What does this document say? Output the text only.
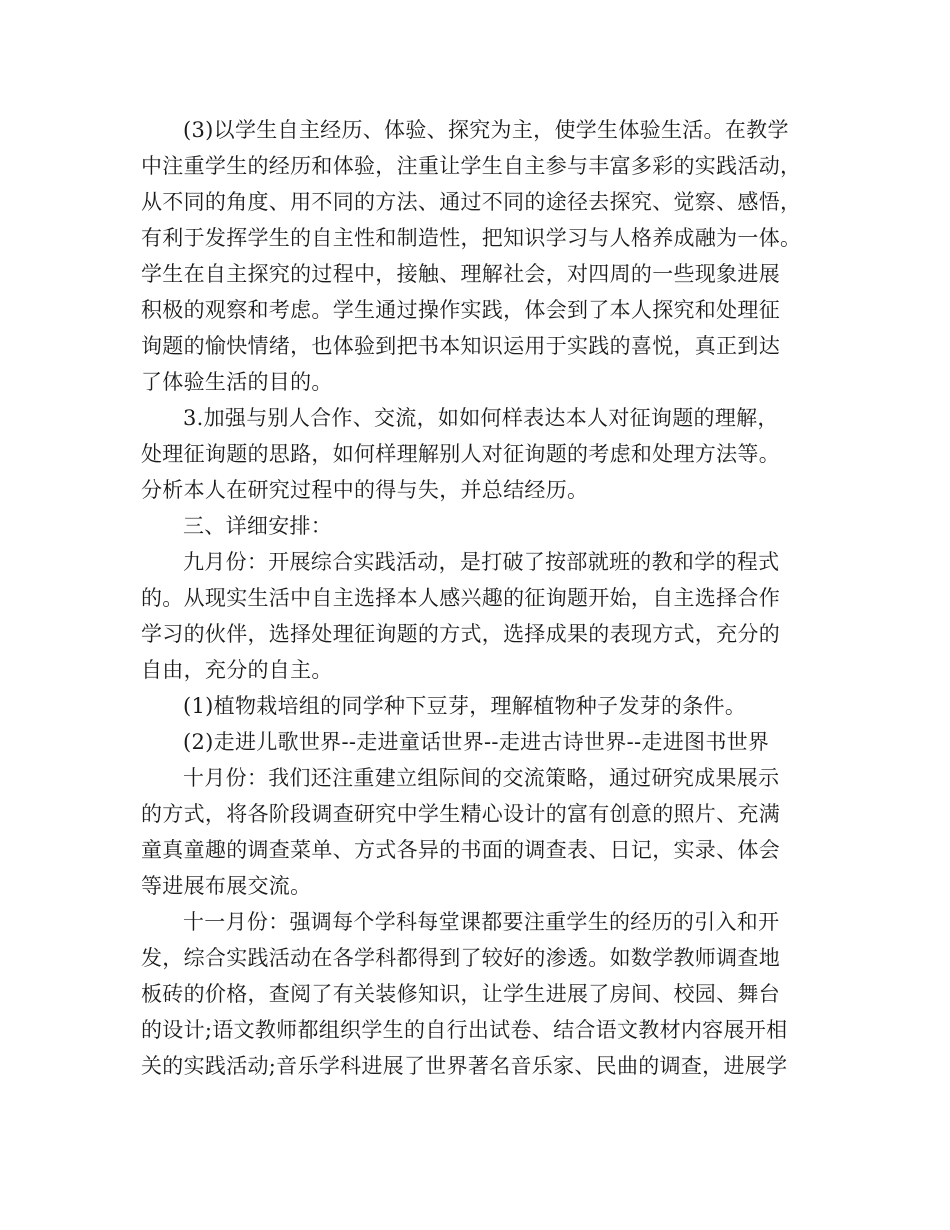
(3)以学生自主经历、体验、探究为主，使学生体验生活。在教学
中注重学生的经历和体验，注重让学生自主参与丰富多彩的实践活动，
从不同的角度、用不同的方法、通过不同的途径去探究、觉察、感悟，
有利于发挥学生的自主性和制造性，把知识学习与人格养成融为一体。
学生在自主探究的过程中，接触、理解社会，对四周的一些现象进展
积极的观察和考虑。学生通过操作实践，体会到了本人探究和处理征
询题的愉快情绪，也体验到把书本知识运用于实践的喜悦，真正到达
了体验生活的目的。
3.加强与别人合作、交流，如如何样表达本人对征询题的理解，
处理征询题的思路，如何样理解别人对征询题的考虑和处理方法等。
分析本人在研究过程中的得与失，并总结经历。
三、详细安排：
九月份：开展综合实践活动，是打破了按部就班的教和学的程式
的。从现实生活中自主选择本人感兴趣的征询题开始，自主选择合作
学习的伙伴，选择处理征询题的方式，选择成果的表现方式，充分的
自由，充分的自主。
(1)植物栽培组的同学种下豆芽，理解植物种子发芽的条件。
(2)走进儿歌世界--走进童话世界--走进古诗世界--走进图书世界
十月份：我们还注重建立组际间的交流策略，通过研究成果展示
的方式，将各阶段调查研究中学生精心设计的富有创意的照片、充满
童真童趣的调查菜单、方式各异的书面的调查表、日记，实录、体会
等进展布展交流。
十一月份：强调每个学科每堂课都要注重学生的经历的引入和开
发，综合实践活动在各学科都得到了较好的渗透。如数学教师调查地
板砖的价格，查阅了有关装修知识，让学生进展了房间、校园、舞台
的设计;语文教师都组织学生的自行出试卷、结合语文教材内容展开相
关的实践活动;音乐学科进展了世界著名音乐家、民曲的调查，进展学
